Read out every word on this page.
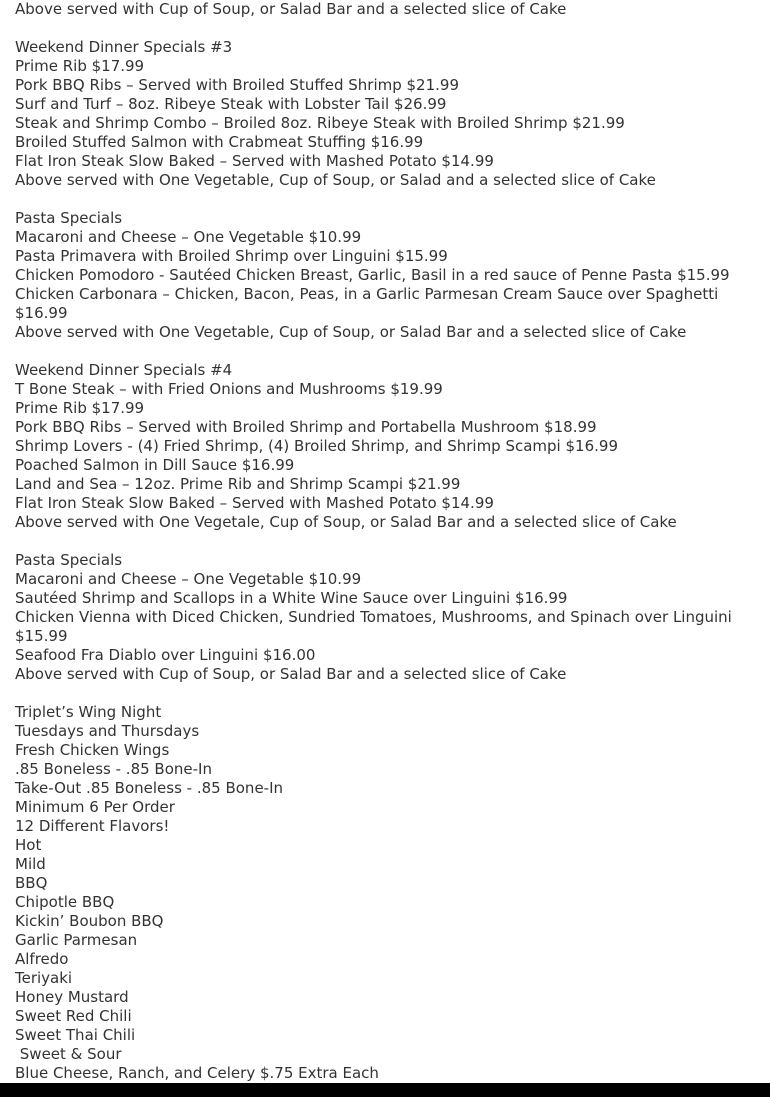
Above served with Cup of Soup, or Salad Bar and a selected slice of Cake

Weekend Dinner Specials #3

Prime Rib $17.99

Pork BBQ Ribs – Served with Broiled Stuffed Shrimp $21.99

Surf and Turf – 8oz. Ribeye Steak with Lobster Tail $26.99

Steak and Shrimp Combo – Broiled 8oz. Ribeye Steak with Broiled Shrimp $21.99

Broiled Stuffed Salmon with Crabmeat Stuffing $16.99

Flat Iron Steak Slow Baked – Served with Mashed Potato $14.99

Above served with One Vegetable, Cup of Soup, or Salad and a selected slice of Cake

Pasta Specials

Macaroni and Cheese – One Vegetable $10.99

Pasta Primavera with Broiled Shrimp over Linguini $15.99

Chicken Pomodoro - Sautéed Chicken Breast, Garlic, Basil in a red sauce of Penne Pasta $15.99

Chicken Carbonara – Chicken, Bacon, Peas, in a Garlic Parmesan Cream Sauce over Spaghetti $16.99

Above served with One Vegetable, Cup of Soup, or Salad Bar and a selected slice of Cake

Weekend Dinner Specials #4

T Bone Steak – with Fried Onions and Mushrooms $19.99

Prime Rib $17.99

Pork BBQ Ribs – Served with Broiled Shrimp and Portabella Mushroom $18.99

Shrimp Lovers - (4) Fried Shrimp, (4) Broiled Shrimp, and Shrimp Scampi $16.99

Poached Salmon in Dill Sauce $16.99

Land and Sea – 12oz. Prime Rib and Shrimp Scampi $21.99

Flat Iron Steak Slow Baked – Served with Mashed Potato $14.99

Above served with One Vegetale, Cup of Soup, or Salad Bar and a selected slice of Cake

Pasta Specials

Macaroni and Cheese – One Vegetable $10.99

Sautéed Shrimp and Scallops in a White Wine Sauce over Linguini $16.99

Chicken Vienna with Diced Chicken, Sundried Tomatoes, Mushrooms, and Spinach over Linguini $15.99

Seafood Fra Diablo over Linguini $16.00

Above served with Cup of Soup, or Salad Bar and a selected slice of Cake

Triplet’s Wing Night

Tuesdays and Thursdays

Fresh Chicken Wings

.85 Boneless - .85 Bone-In

Take-Out .85 Boneless - .85 Bone-In

Minimum 6 Per Order

12 Different Flavors!

Hot

Mild

BBQ

Chipotle BBQ

Kickin’ Boubon BBQ

Garlic Parmesan

Alfredo

Teriyaki

Honey Mustard

Sweet Red Chili

Sweet Thai Chili

Sweet & Sour

Blue Cheese, Ranch, and Celery $.75 Extra Each
